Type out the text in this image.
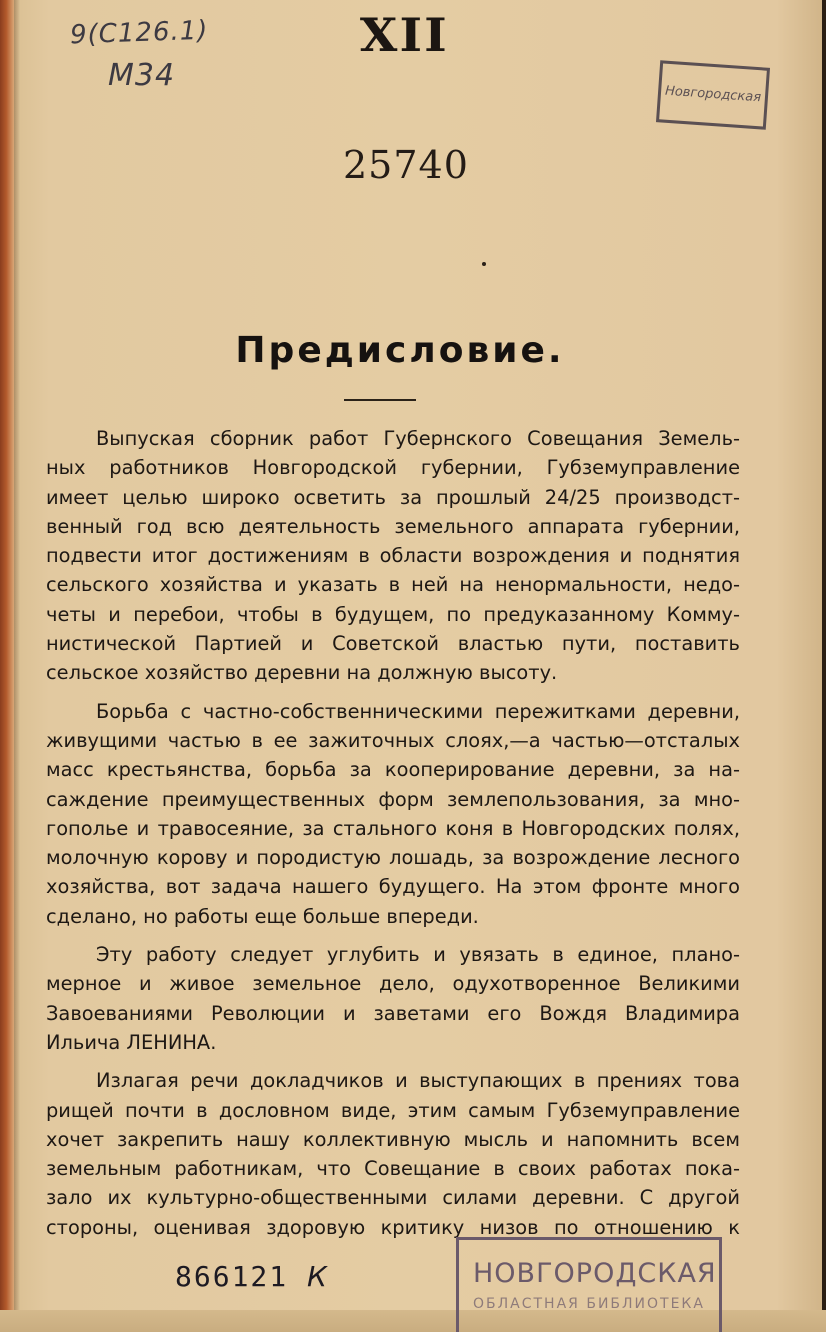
9(С126.1)
М34
XII
Новгородская
25740
Предисловие.
Выпуская сборник работ Губернского Совещания Земель-
ных работников Новгородской губернии, Губземуправление
имеет целью широко осветить за прошлый 24/25 производст-
венный год всю деятельность земельного аппарата губернии,
подвести итог достижениям в области возрождения и поднятия
сельского хозяйства и указать в ней на ненормальности, недо-
четы и перебои, чтобы в будущем, по предуказанному Комму-
нистической Партией и Советской властью пути, поставить
сельское хозяйство деревни на должную высоту.
Борьба с частно-собственническими пережитками деревни,
живущими частью в ее зажиточных слоях,—а частью—отсталых
масс крестьянства, борьба за кооперирование деревни, за на-
саждение преимущественных форм землепользования, за мно-
гополье и травосеяние, за стального коня в Новгородских полях,
молочную корову и породистую лошадь, за возрождение лесного
хозяйства, вот задача нашего будущего. На этом фронте много
сделано, но работы еще больше впереди.
Эту работу следует углубить и увязать в единое, плано-
мерное и живое земельное дело, одухотворенное Великими
Завоеваниями Революции и заветами его Вождя Владимира
Ильича ЛЕНИНА.
Излагая речи докладчиков и выступающих в прениях това
рищей почти в дословном виде, этим самым Губземуправление
хочет закрепить нашу коллективную мысль и напомнить всем
земельным работникам, что Совещание в своих работах пока-
зало их культурно-общественными силами деревни. С другой
стороны, оценивая здоровую критику низов по отношению к
866121 К	НОВГОРОДСКАЯ
ОБЛАСТНАЯ БИБЛИОТЕКА
